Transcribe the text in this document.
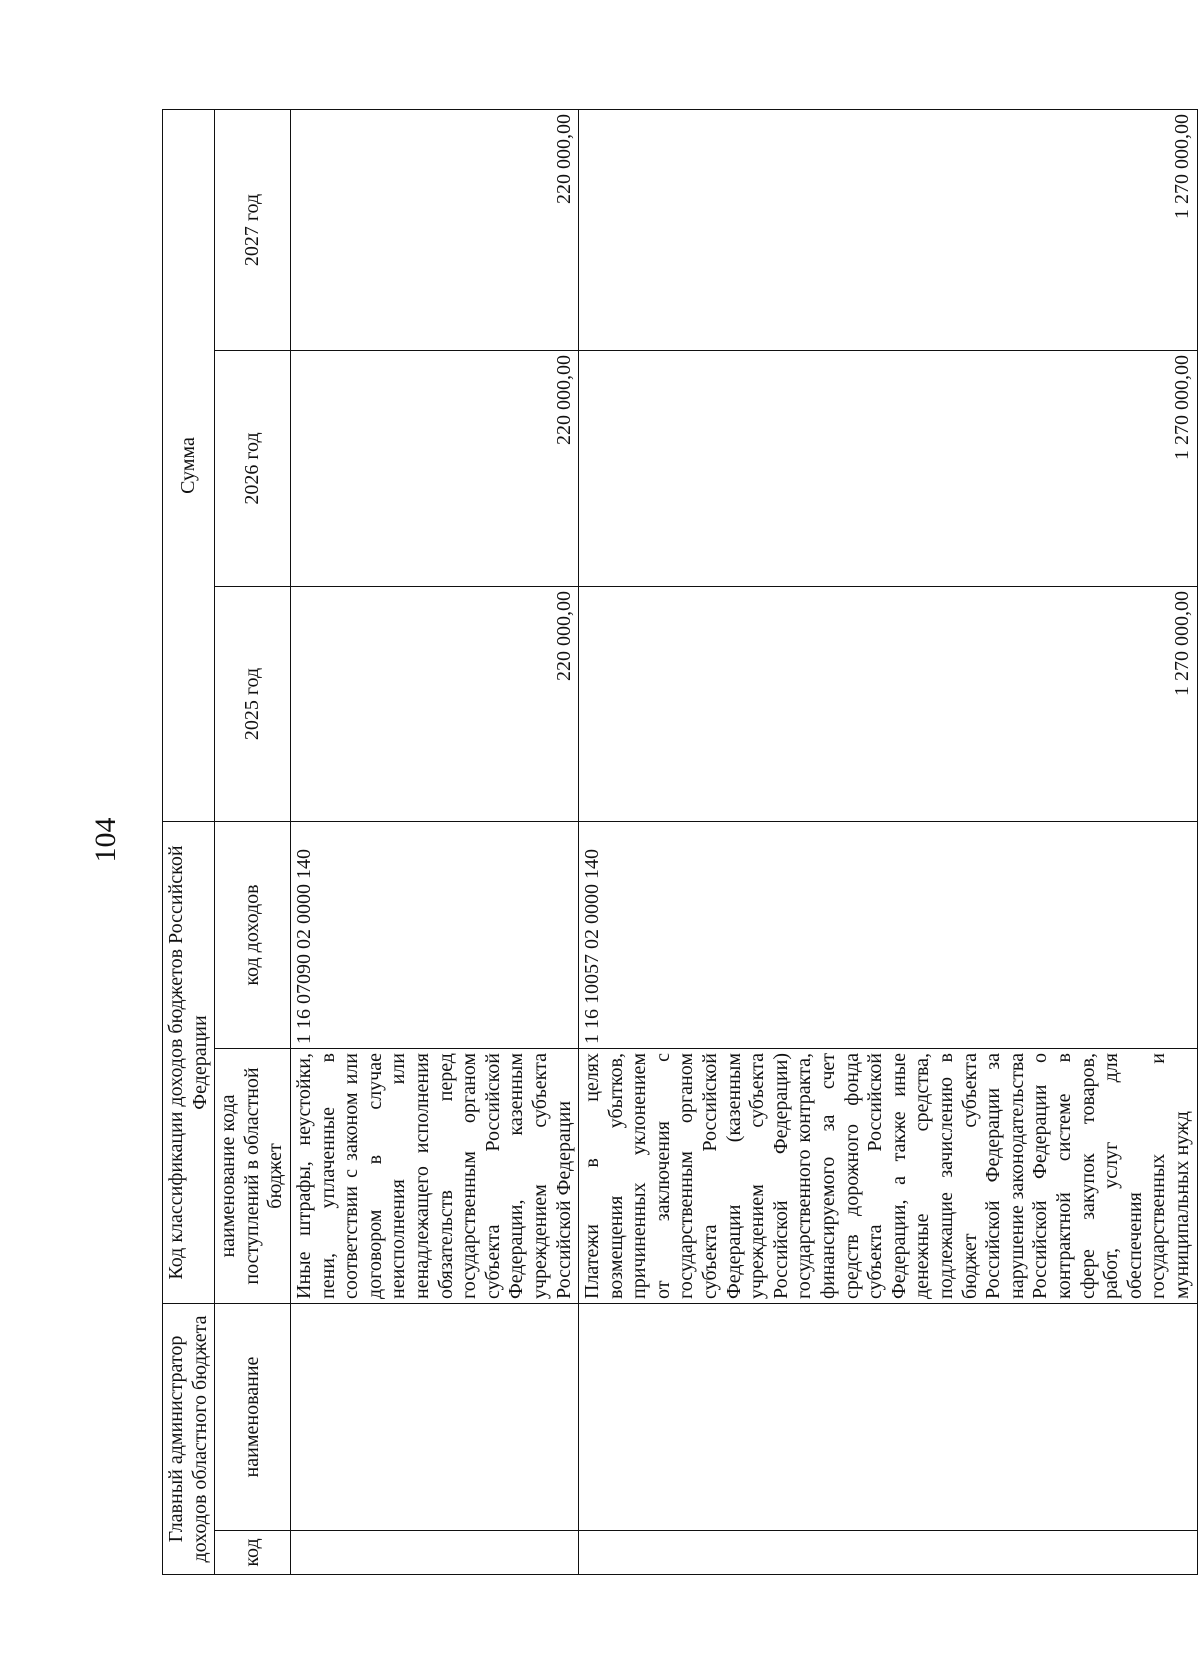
104
Главный администратор доходов областного бюджета		Код классификации доходов бюджетов Российской Федерации		Сумма		
код	наименование	наименование кода поступлений в областной бюджет	код доходов	2025 год	2026 год	2027 год
		Иные штрафы, неустойки, пени, уплаченные в соответствии с законом или договором в случае неисполнения или ненадлежащего исполнения обязательств перед государственным органом субъекта Российской Федерации, казенным учреждением субъекта Российской Федерации	1 16 07090 02 0000 140	220 000,00	220 000,00	220 000,00
		Платежи в целях возмещения убытков, причиненных уклонением от заключения с государственным органом субъекта Российской Федерации (казенным учреждением субъекта Российской Федерации) государственного контракта, финансируемого за счет средств дорожного фонда субъекта Российской Федерации, а также иные денежные средства, подлежащие зачислению в бюджет субъекта Российской Федерации за нарушение законодательства Российской Федерации о контрактной системе в сфере закупок товаров, работ, услуг для обеспечения государственных и муниципальных нужд	1 16 10057 02 0000 140	1 270 000,00	1 270 000,00	1 270 000,00
